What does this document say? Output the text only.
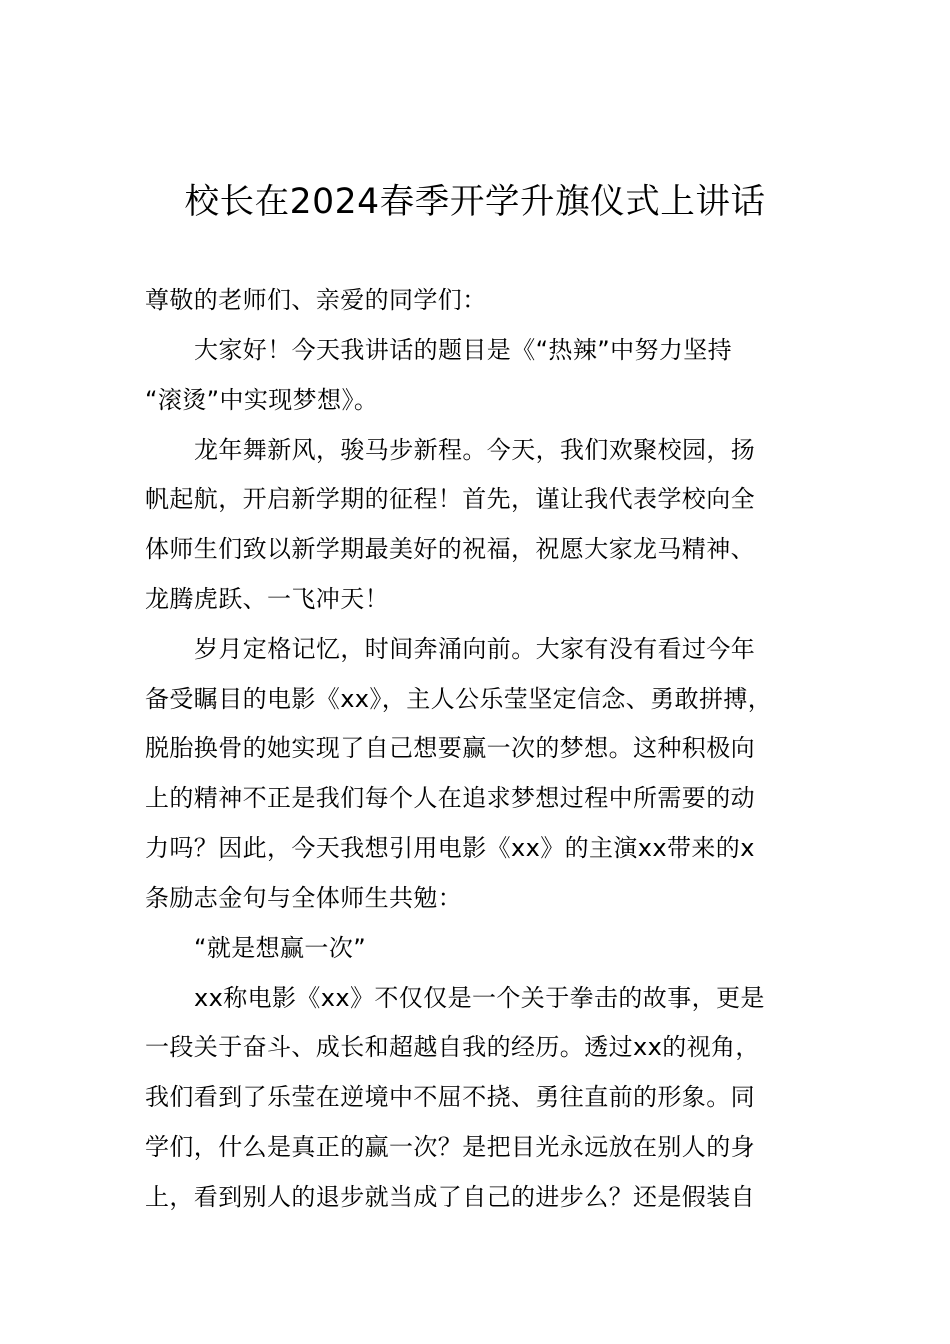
校长在2024春季开学升旗仪式上讲话
尊敬的老师们、亲爱的同学们：
大家好！今天我讲话的题目是《“热辣”中努力坚持
“滚烫”中实现梦想》。
龙年舞新风，骏马步新程。今天，我们欢聚校园，扬
帆起航，开启新学期的征程！首先，谨让我代表学校向全
体师生们致以新学期最美好的祝福，祝愿大家龙马精神、
龙腾虎跃、一飞冲天！
岁月定格记忆，时间奔涌向前。大家有没有看过今年
备受瞩目的电影《xx》，主人公乐莹坚定信念、勇敢拼搏，
脱胎换骨的她实现了自己想要赢一次的梦想。这种积极向
上的精神不正是我们每个人在追求梦想过程中所需要的动
力吗？因此，今天我想引用电影《xx》的主演xx带来的x
条励志金句与全体师生共勉：
“就是想赢一次”
xx称电影《xx》不仅仅是一个关于拳击的故事，更是
一段关于奋斗、成长和超越自我的经历。透过xx的视角，
我们看到了乐莹在逆境中不屈不挠、勇往直前的形象。同
学们，什么是真正的赢一次？是把目光永远放在别人的身
上，看到别人的退步就当成了自己的进步么？还是假装自
